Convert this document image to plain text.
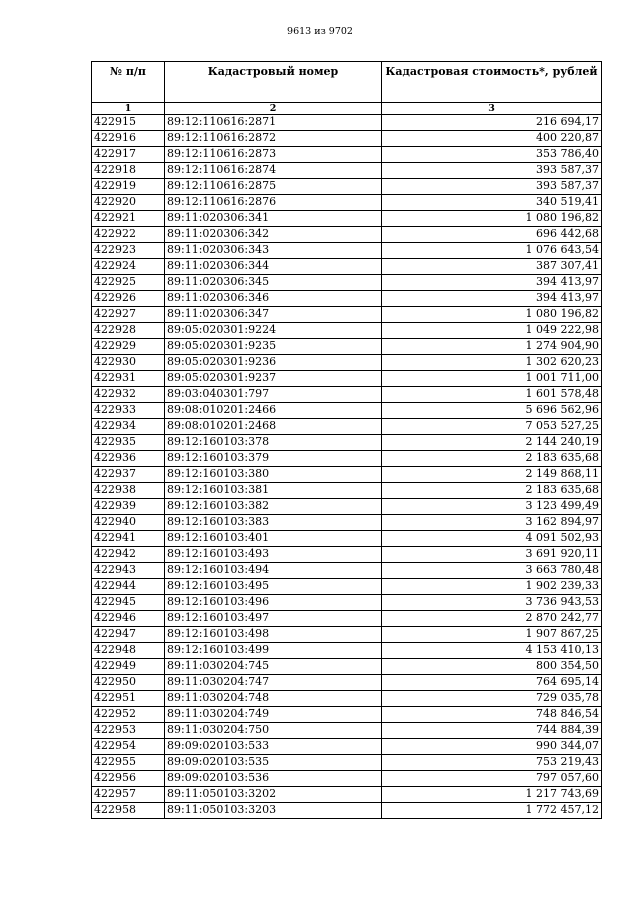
9613 из 9702
№ п/п	Кадастровый номер	Кадастровая стоимость*, рублей
1	2	3
422915	89:12:110616:2871	216 694,17
422916	89:12:110616:2872	400 220,87
422917	89:12:110616:2873	353 786,40
422918	89:12:110616:2874	393 587,37
422919	89:12:110616:2875	393 587,37
422920	89:12:110616:2876	340 519,41
422921	89:11:020306:341	1 080 196,82
422922	89:11:020306:342	696 442,68
422923	89:11:020306:343	1 076 643,54
422924	89:11:020306:344	387 307,41
422925	89:11:020306:345	394 413,97
422926	89:11:020306:346	394 413,97
422927	89:11:020306:347	1 080 196,82
422928	89:05:020301:9224	1 049 222,98
422929	89:05:020301:9235	1 274 904,90
422930	89:05:020301:9236	1 302 620,23
422931	89:05:020301:9237	1 001 711,00
422932	89:03:040301:797	1 601 578,48
422933	89:08:010201:2466	5 696 562,96
422934	89:08:010201:2468	7 053 527,25
422935	89:12:160103:378	2 144 240,19
422936	89:12:160103:379	2 183 635,68
422937	89:12:160103:380	2 149 868,11
422938	89:12:160103:381	2 183 635,68
422939	89:12:160103:382	3 123 499,49
422940	89:12:160103:383	3 162 894,97
422941	89:12:160103:401	4 091 502,93
422942	89:12:160103:493	3 691 920,11
422943	89:12:160103:494	3 663 780,48
422944	89:12:160103:495	1 902 239,33
422945	89:12:160103:496	3 736 943,53
422946	89:12:160103:497	2 870 242,77
422947	89:12:160103:498	1 907 867,25
422948	89:12:160103:499	4 153 410,13
422949	89:11:030204:745	800 354,50
422950	89:11:030204:747	764 695,14
422951	89:11:030204:748	729 035,78
422952	89:11:030204:749	748 846,54
422953	89:11:030204:750	744 884,39
422954	89:09:020103:533	990 344,07
422955	89:09:020103:535	753 219,43
422956	89:09:020103:536	797 057,60
422957	89:11:050103:3202	1 217 743,69
422958	89:11:050103:3203	1 772 457,12
